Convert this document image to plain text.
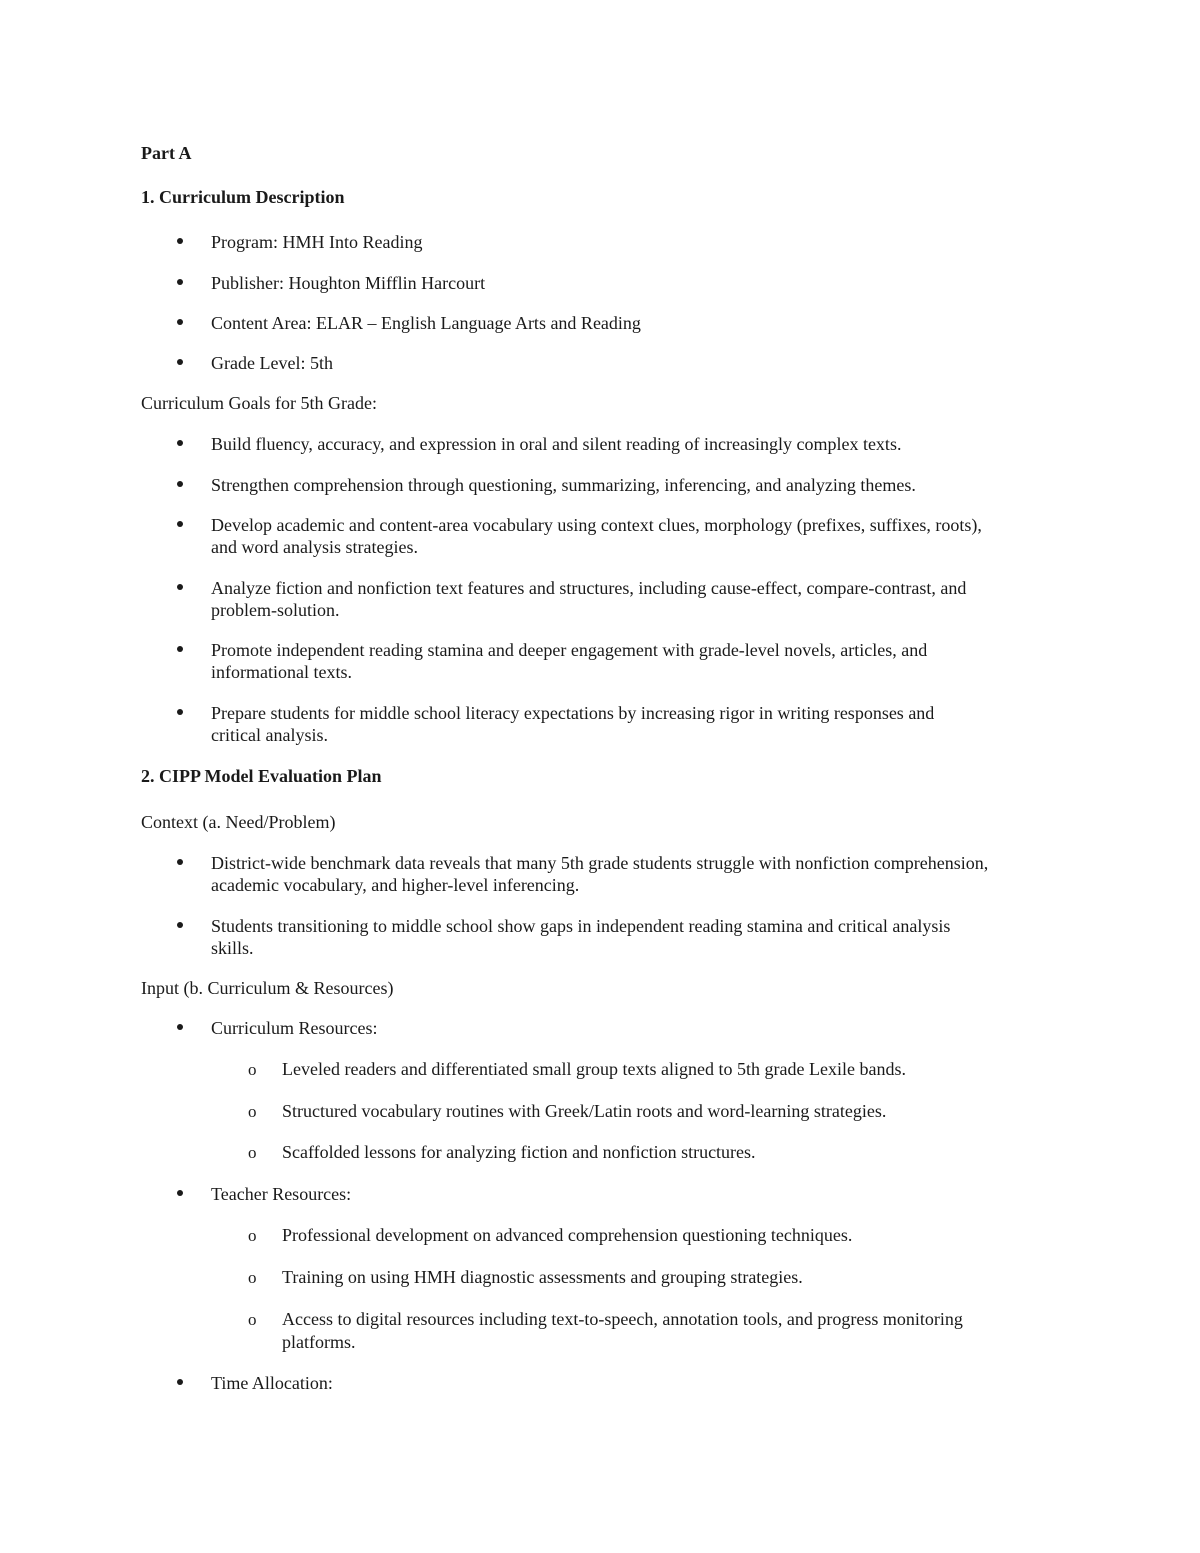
Part A
1. Curriculum Description
Program: HMH Into Reading
Publisher: Houghton Mifflin Harcourt
Content Area: ELAR – English Language Arts and Reading
Grade Level: 5th
Curriculum Goals for 5th Grade:
Build fluency, accuracy, and expression in oral and silent reading of increasingly complex texts.
Strengthen comprehension through questioning, summarizing, inferencing, and analyzing themes.
Develop academic and content-area vocabulary using context clues, morphology (prefixes, suffixes, roots),
and word analysis strategies.
Analyze fiction and nonfiction text features and structures, including cause-effect, compare-contrast, and
problem-solution.
Promote independent reading stamina and deeper engagement with grade-level novels, articles, and
informational texts.
Prepare students for middle school literacy expectations by increasing rigor in writing responses and
critical analysis.
2. CIPP Model Evaluation Plan
Context (a. Need/Problem)
District-wide benchmark data reveals that many 5th grade students struggle with nonfiction comprehension,
academic vocabulary, and higher-level inferencing.
Students transitioning to middle school show gaps in independent reading stamina and critical analysis
skills.
Input (b. Curriculum & Resources)
Curriculum Resources:
o Leveled readers and differentiated small group texts aligned to 5th grade Lexile bands.
o Structured vocabulary routines with Greek/Latin roots and word-learning strategies.
o Scaffolded lessons for analyzing fiction and nonfiction structures.
Teacher Resources:
o Professional development on advanced comprehension questioning techniques.
o Training on using HMH diagnostic assessments and grouping strategies.
o Access to digital resources including text-to-speech, annotation tools, and progress monitoring
platforms.
Time Allocation:
